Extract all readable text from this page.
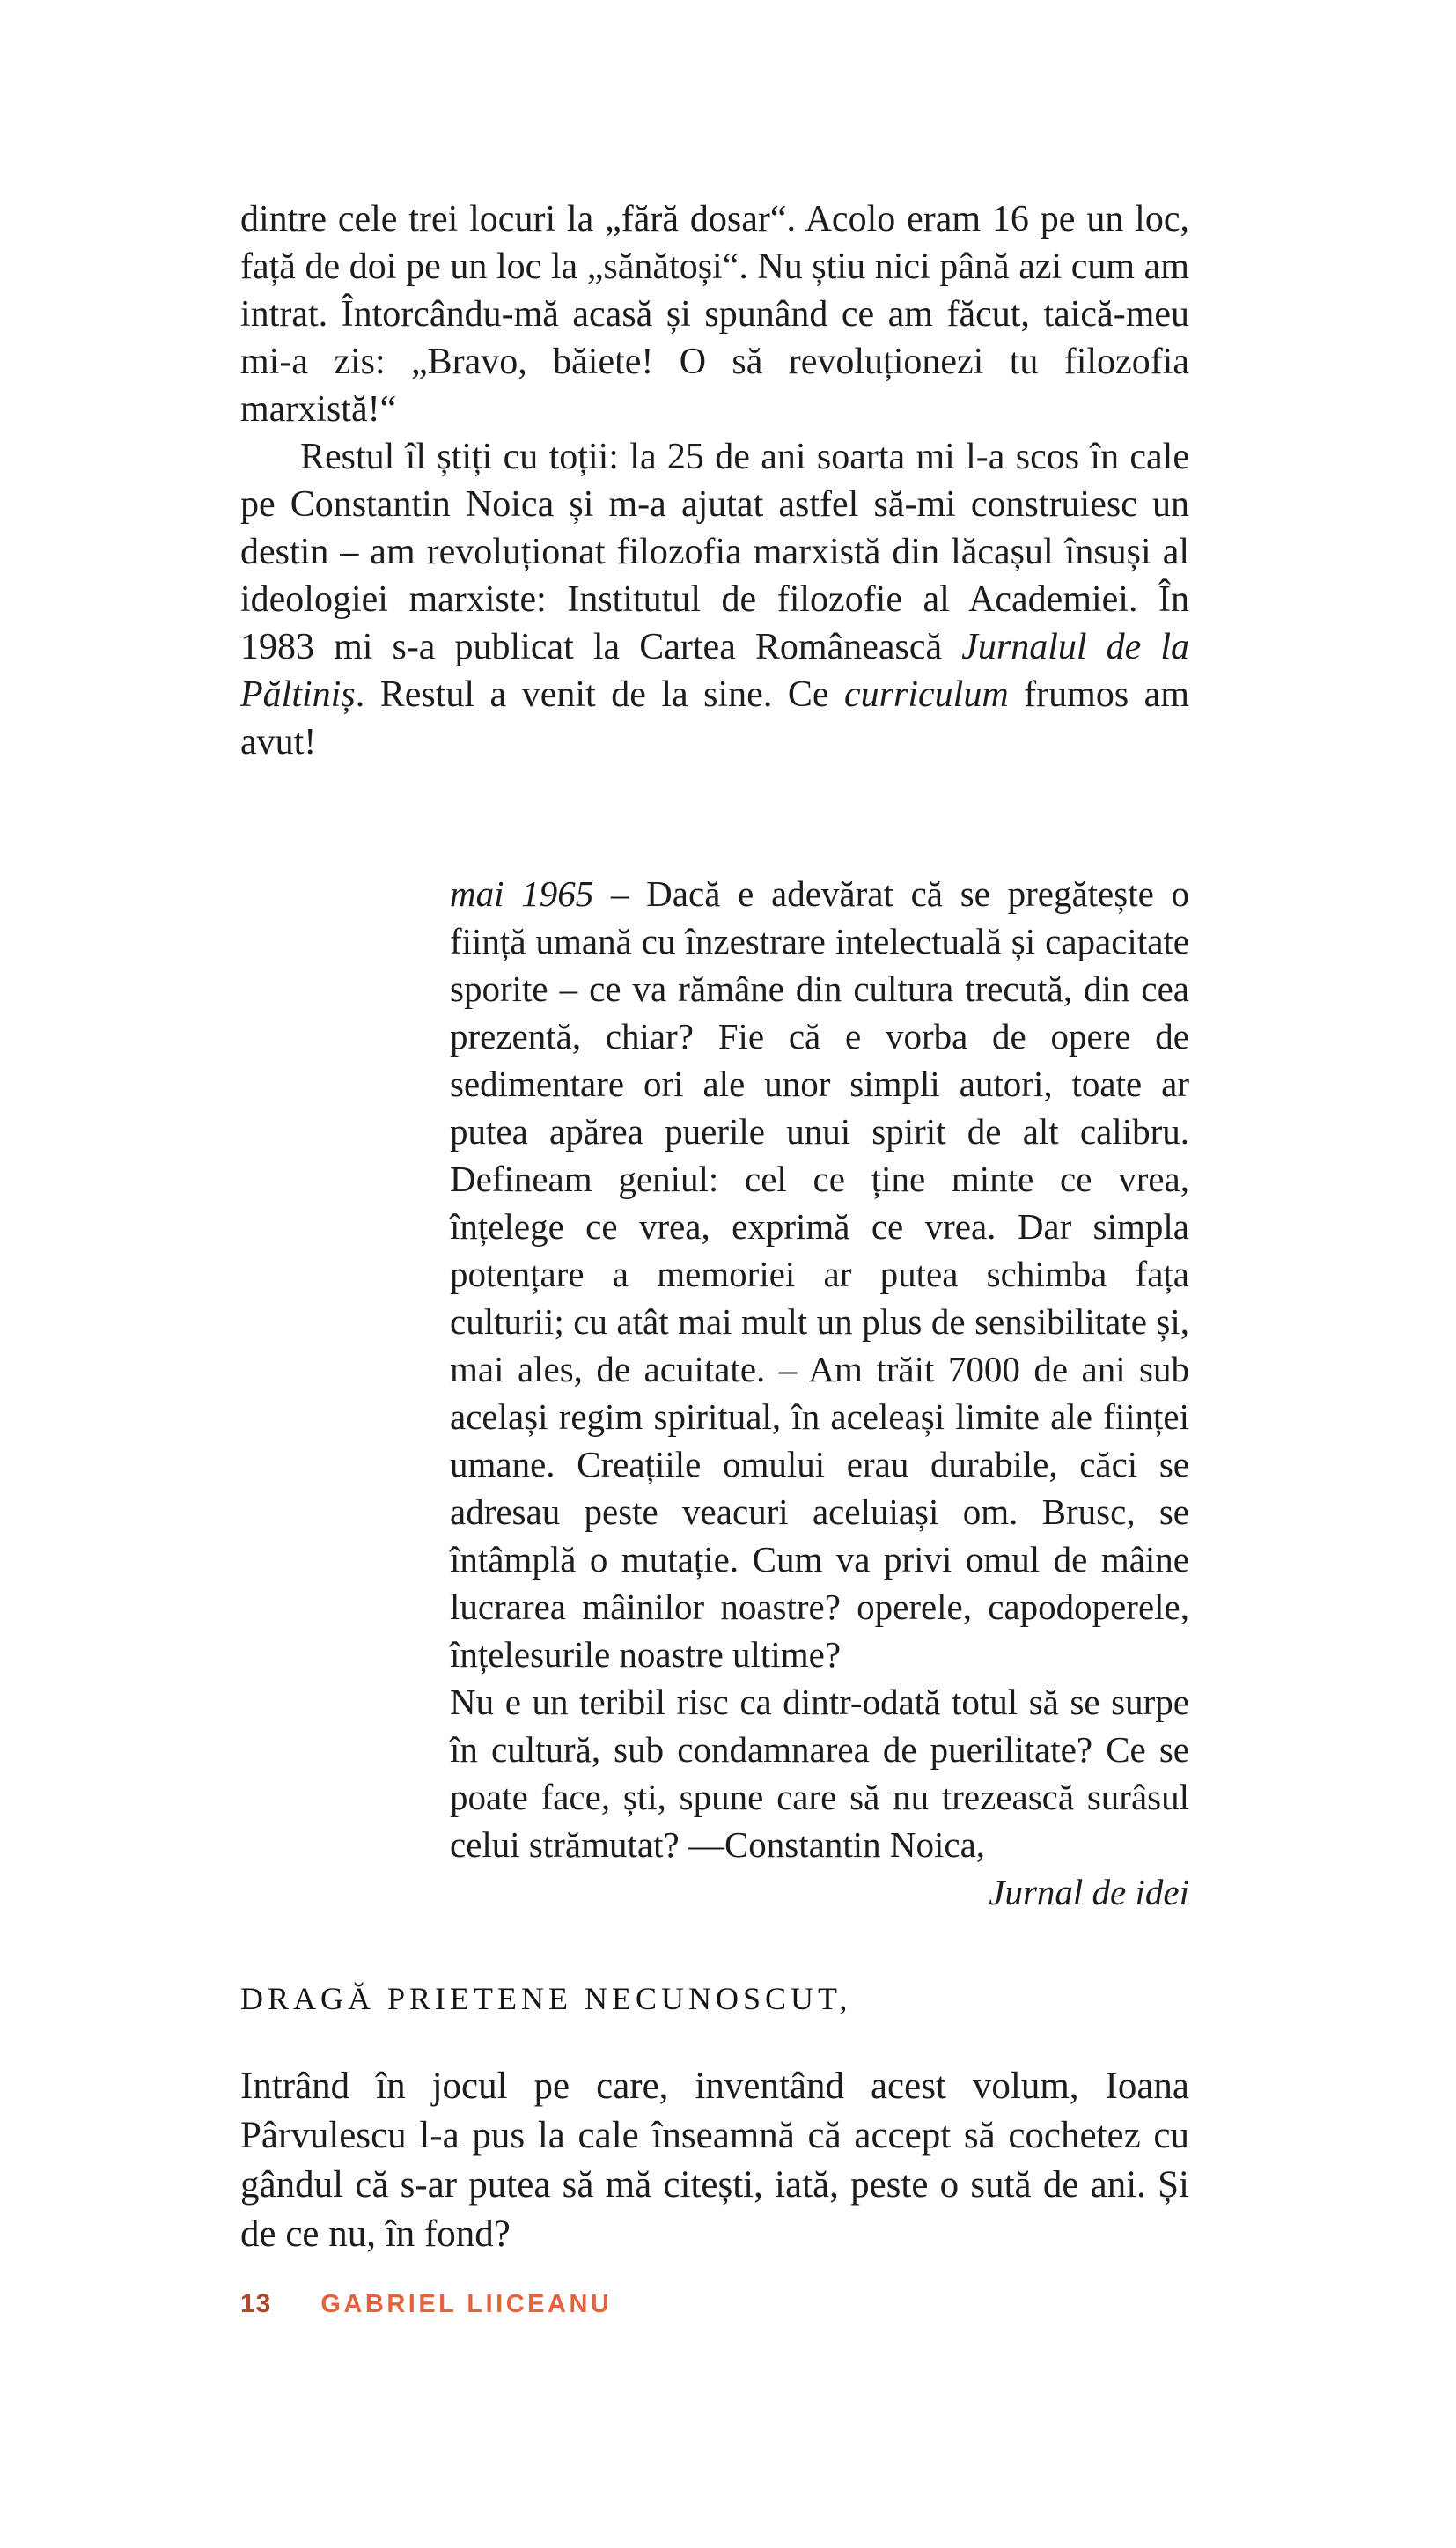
dintre cele trei locuri la „fără dosar“. Acolo eram 16 pe un loc, față de doi pe un loc la „sănătoși“. Nu știu nici până azi cum am intrat. Întorcându-mă acasă și spunând ce am făcut, taică-meu mi-a zis: „Bravo, băiete! O să revoluționezi tu filozofia marxistă!“

Restul îl știți cu toții: la 25 de ani soarta mi l-a scos în cale pe Constantin Noica și m-a ajutat astfel să-mi construiesc un destin – am revoluționat filozofia marxistă din lăcașul însuși al ideologiei marxiste: Institutul de filozofie al Academiei. În 1983 mi s-a publicat la Cartea Românească Jurnalul de la Păltiniș. Restul a venit de la sine. Ce curriculum frumos am avut!

mai 1965 – Dacă e adevărat că se pregătește o ființă umană cu înzestrare intelectuală și capacitate sporite – ce va rămâne din cultura trecută, din cea prezentă, chiar? Fie că e vorba de opere de sedimentare ori ale unor simpli autori, toate ar putea apărea puerile unui spirit de alt calibru. Defineam geniul: cel ce ține minte ce vrea, înțelege ce vrea, exprimă ce vrea. Dar simpla potențare a memoriei ar putea schimba fața culturii; cu atât mai mult un plus de sensibilitate și, mai ales, de acuitate. – Am trăit 7000 de ani sub același regim spiritual, în aceleași limite ale ființei umane. Creațiile omului erau durabile, căci se adresau peste veacuri aceluiași om. Brusc, se întâmplă o mutație. Cum va privi omul de mâine lucrarea mâinilor noastre? operele, capodoperele, înțelesurile noastre ultime?

Nu e un teribil risc ca dintr-odată totul să se surpe în cultură, sub condamnarea de puerilitate? Ce se poate face, ști, spune care să nu trezească surâsul celui strămutat? —Constantin Noica,

Jurnal de idei

DRAGĂ PRIETENE NECUNOSCUT,

Intrând în jocul pe care, inventând acest volum, Ioana Pârvulescu l-a pus la cale înseamnă că accept să cochetez cu gândul că s-ar putea să mă citești, iată, peste o sută de ani. Și de ce nu, în fond?

13 GABRIEL LIICEANU
